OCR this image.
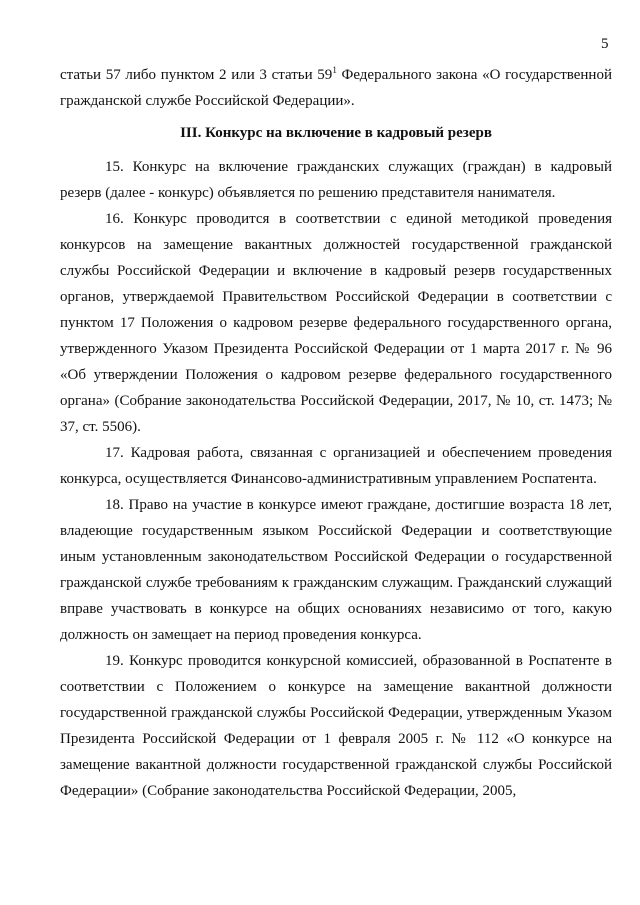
5

статьи 57 либо пунктом 2 или 3 статьи $59^1$ Федерального закона «О государственной гражданской службе Российской Федерации».

III. Конкурс на включение в кадровый резерв

15. Конкурс на включение гражданских служащих (граждан) в кадровый резерв (далее - конкурс) объявляется по решению представителя нанимателя.

16. Конкурс проводится в соответствии с единой методикой проведения конкурсов на замещение вакантных должностей государственной гражданской службы Российской Федерации и включение в кадровый резерв государственных органов, утверждаемой Правительством Российской Федерации в соответствии с пунктом 17 Положения о кадровом резерве федерального государственного органа, утвержденного Указом Президента Российской Федерации от 1 марта 2017 г. № 96 «Об утверждении Положения о кадровом резерве федерального государственного органа» (Собрание законодательства Российской Федерации, 2017, № 10, ст. 1473; № 37, ст. 5506).

17. Кадровая работа, связанная с организацией и обеспечением проведения конкурса, осуществляется Финансово-административным управлением Роспатента.

18. Право на участие в конкурсе имеют граждане, достигшие возраста 18 лет, владеющие государственным языком Российской Федерации и соответствующие иным установленным законодательством Российской Федерации о государственной гражданской службе требованиям к гражданским служащим. Гражданский служащий вправе участвовать в конкурсе на общих основаниях независимо от того, какую должность он замещает на период проведения конкурса.

19. Конкурс проводится конкурсной комиссией, образованной в Роспатенте в соответствии с Положением о конкурсе на замещение вакантной должности государственной гражданской службы Российской Федерации, утвержденным Указом Президента Российской Федерации от 1 февраля 2005 г. № 112 «О конкурсе на замещение вакантной должности государственной гражданской службы Российской Федерации» (Собрание законодательства Российской Федерации, 2005,
